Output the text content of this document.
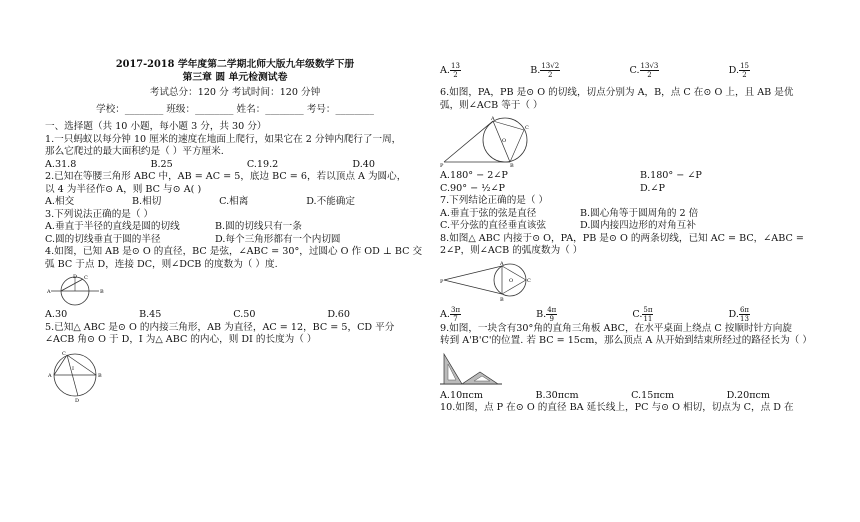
2017-2018 学年度第二学期北师大版九年级数学下册
第三章 圆 单元检测试卷
考试总分：120 分 考试时间：120 分钟
学校：________ 班级：________ 姓名：________ 考号：________
一、选择题（共 10 小题，每小题 3 分，共 30 分）
1.一只蚂蚁以每分钟 10 厘米的速度在地面上爬行，如果它在 2 分钟内爬行了一周，
那么它爬过的最大面积约是（ ）平方厘米.
A.31.8	B.25	C.19.2	D.40
2.已知在等腰三角形 ABC 中，AB = AC = 5，底边 BC = 6，若以顶点 A 为圆心，
以 4 为半径作⊙ A，则 BC 与⊙ A( )
A.相交	B.相切	C.相离	D.不能确定
3.下列说法正确的是（ ）
A.垂直于半径的直线是圆的切线	B.圆的切线只有一条
C.圆的切线垂直于圆的半径	D.每个三角形都有一个内切圆
4.如图，已知 AB 是⊙ O 的直径，BC 是弦，∠ABC = 30°，过圆心 O 作 OD ⊥ BC 交
弧 BC 于点 D，连接 DC，则∠DCB 的度数为（ ）度.
D C
A	B
A.30	B.45	C.50	D.60
5.已知△ ABC 是⊙ O 的内接三角形，AB 为直径，AC = 12，BC = 5，CD 平分
∠ACB 角⊙ O 于 D，I 为△ ABC 的内心，则 DI 的长度为（ ）
C
A	B
D
I
A. $\frac{13}{2}$	B. $\frac{13√2}{2}$	C. $\frac{13√3}{2}$	D. $\frac{15}{2}$
6.如图，PA，PB 是⊙ O 的切线，切点分别为 A，B，点 C 在⊙ O 上，且 AB 是优
弧，则∠ACB 等于（ ）
O
P
A
C
B
A.180° − 2∠P	B.180° − ∠P
C.90° − ½∠P	D.∠P
7.下列结论正确的是（ ）
A.垂直于弦的弦是直径	B.圆心角等于圆周角的 2 倍
C.平分弦的直径垂直该弦	D.圆内接四边形的对角互补
8.如图△ ABC 内接于⊙ O，PA，PB 是⊙ O 的两条切线，已知 AC = BC，∠ABC =
2∠P，则∠ACB 的弧度数为（ ）
P	O
A
B
C
A. $\frac{3\pi}{7}$	B. $\frac{4\pi}{9}$	C. $\frac{5\pi}{11}$	D. $\frac{6\pi}{13}$
9.如图，一块含有30°角的直角三角板 ABC，在水平桌面上绕点 C 按顺时针方向旋
转到 A'B'C'的位置. 若 BC = 15cm，那么顶点 A 从开始到结束所经过的路径长为（ ）
A.10πcm	B.30πcm	C.15πcm	D.20πcm
10.如图，点 P 在⊙ O 的直径 BA 延长线上，PC 与⊙ O 相切，切点为 C，点 D 在
